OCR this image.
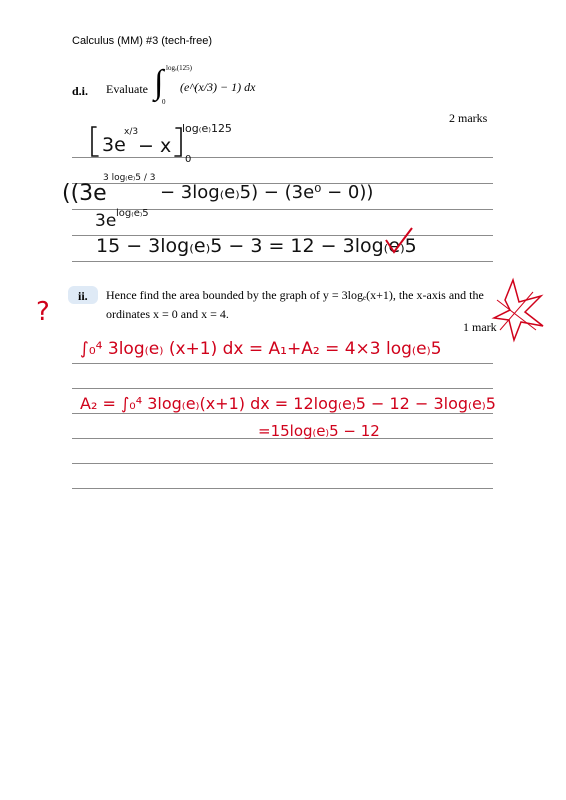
Calculus (MM) #3 (tech-free)
d.i. Evaluate ∫ logₑ(125)
0
(e^(x/3) − 1) dx
2 marks
3e
x/3
− x
log₍e₎125
0
((3e
3 log₍e₎5 / 3
− 3log₍e₎5) − (3e⁰ − 0))
3e log₍e₎5
15 − 3log₍e₎5 − 3 = 12 − 3log₍e₎5
ii. Hence find the area bounded by the graph of y = 3logₑ(x+1), the x-axis and the
ordinates x = 0 and x = 4.
1 mark
?
∫₀⁴ 3log₍e₎ (x+1) dx = A₁+A₂ = 4×3 log₍e₎5
A₂ = ∫₀⁴ 3log₍e₎(x+1) dx = 12log₍e₎5 − 12 − 3log₍e₎5
=15log₍e₎5 − 12
